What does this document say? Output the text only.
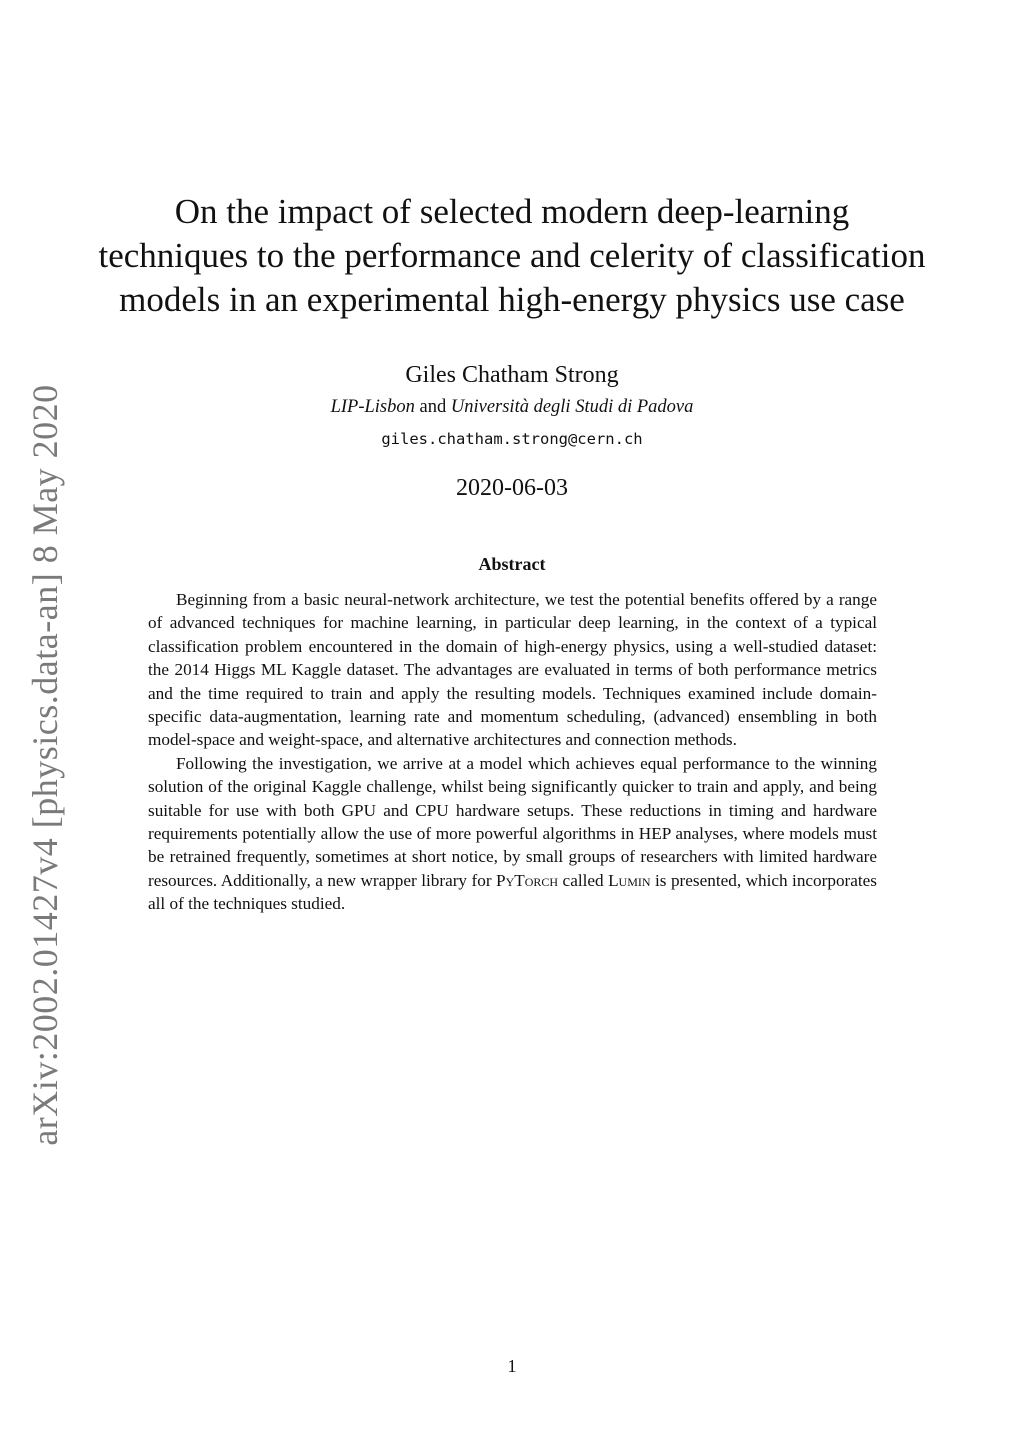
arXiv:2002.01427v4 [physics.data-an] 8 May 2020
On the impact of selected modern deep-learning
techniques to the performance and celerity of classification
models in an experimental high-energy physics use case
Giles Chatham Strong
LIP-Lisbon and Università degli Studi di Padova
giles.chatham.strong@cern.ch
2020-06-03
Abstract

Beginning from a basic neural-network architecture, we test the potential benefits offered by a range of advanced techniques for machine learning, in particular deep learning, in the context of a typical classification problem encountered in the domain of high-energy physics, using a well-studied dataset: the 2014 Higgs ML Kaggle dataset. The advantages are evaluated in terms of both performance metrics and the time required to train and apply the resulting models. Techniques examined include domain-specific data-augmentation, learning rate and momentum scheduling, (advanced) ensembling in both model-space and weight-space, and alternative architectures and connection methods.

Following the investigation, we arrive at a model which achieves equal performance to the winning solution of the original Kaggle challenge, whilst being significantly quicker to train and apply, and being suitable for use with both GPU and CPU hardware setups. These reductions in timing and hardware requirements potentially allow the use of more powerful algorithms in HEP analyses, where models must be retrained frequently, sometimes at short notice, by small groups of researchers with limited hardware resources. Additionally, a new wrapper library for PyTorch called Lumin is presented, which incorporates all of the techniques studied.

1
